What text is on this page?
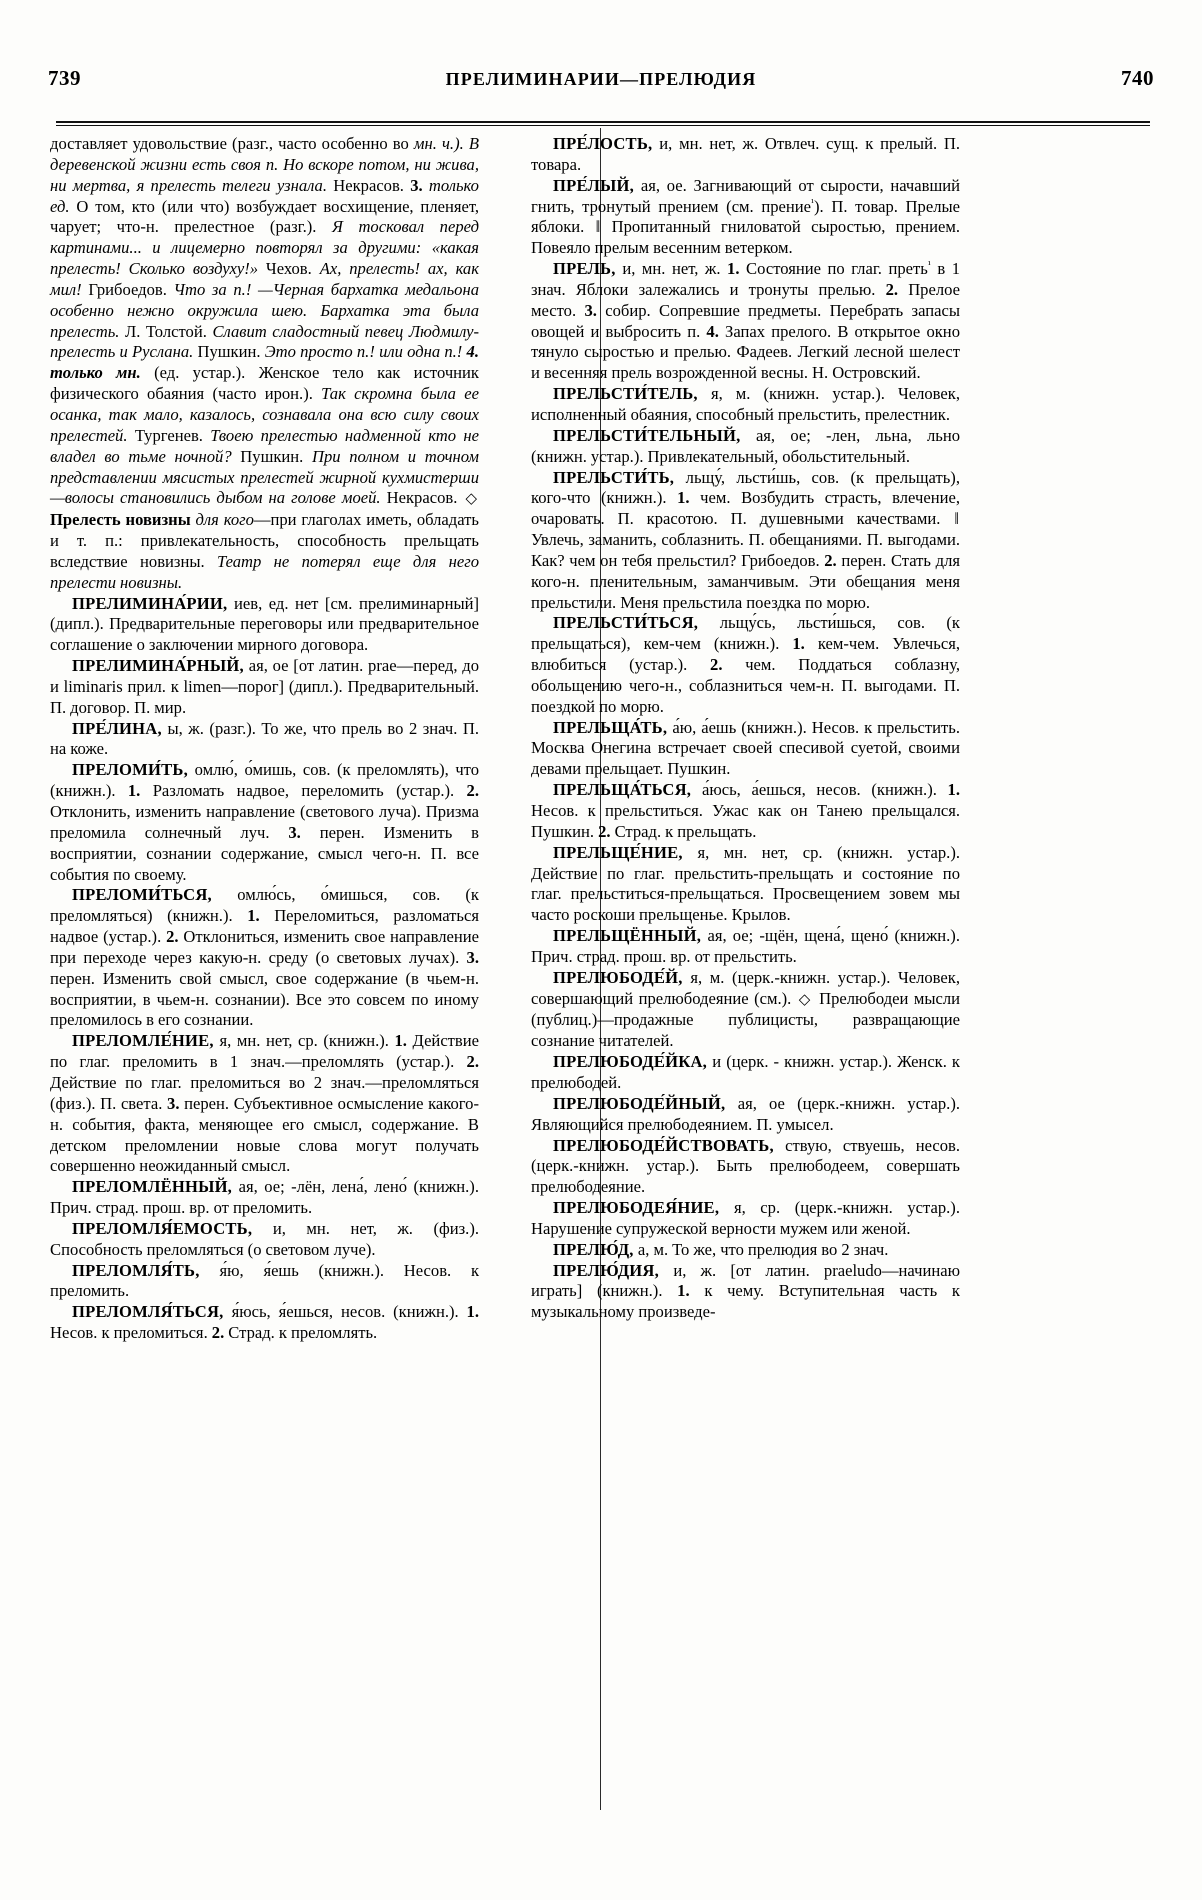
739	ПРЕЛИМИНАРИИ—ПРЕЛЮДИЯ	740

доставляет удовольствие (разг., часто особенно во мн. ч.). В деревенской жизни есть своя п. Но вскоре потом, ни жива, ни мертва, я прелесть телеги узнала. Некрасов. 3. только ед. О том, кто (или что) возбуждает восхищение, пленяет, чарует; что-н. прелестное (разг.). Я тосковал перед картинами... и лицемерно повторял за другими: «какая прелесть! Сколько воздуху!» Чехов. Ах, прелесть! ах, как мил! Грибоедов. Что за п.! —Черная бархатка медальона особенно нежно окружила шею. Бархатка эта была прелесть. Л. Толстой. Славит сладостный певец Людмилу-прелесть и Руслана. Пушкин. Это просто п.! или одна п.! 4. только мн. (ед. устар.). Женское тело как источник физического обаяния (часто ирон.). Так скромна была ее осанка, так мало, казалось, сознавала она всю силу своих прелестей. Тургенев. Твоею прелестью надменной кто не владел во тьме ночной? Пушкин. При полном и точном представлении мясистых прелестей жирной кухмистерши—волосы становились дыбом на голове моей. Некрасов. ◇ Прелесть новизны для кого—при глаголах иметь, обладать и т. п.: привлекательность, способность прельщать вследствие новизны. Театр не потерял еще для него прелести новизны.

ПРЕЛИМИНА́РИИ, иев, ед. нет [см. прелиминарный] (дипл.). Предварительные переговоры или предварительное соглашение о заключении мирного договора.

ПРЕЛИМИНА́РНЫЙ, ая, ое [от латин. prae—перед, до и liminaris прил. к limen—порог] (дипл.). Предварительный. П. договор. П. мир.

ПРЕ́ЛИНА, ы, ж. (разг.). То же, что прель во 2 знач. П. на коже.

ПРЕЛОМИ́ТЬ, омлю́, о́мишь, сов. (к преломлять), что (книжн.). 1. Разломать надвое, переломить (устар.). 2. Отклонить, изменить направление (светового луча). Призма преломила солнечный луч. 3. перен. Изменить в восприятии, сознании содержание, смысл чего-н. П. все события по своему.

ПРЕЛОМИ́ТЬСЯ, омлю́сь, о́мишься, сов. (к преломляться) (книжн.). 1. Переломиться, разломаться надвое (устар.). 2. Отклониться, изменить свое направление при переходе через какую-н. среду (о световых лучах). 3. перен. Изменить свой смысл, свое содержание (в чьем-н. восприятии, в чьем-н. сознании). Все это совсем по иному преломилось в его сознании.

ПРЕЛОМЛЕ́НИЕ, я, мн. нет, ср. (книжн.). 1. Действие по глаг. преломить в 1 знач.—преломлять (устар.). 2. Действие по глаг. преломиться во 2 знач.—преломляться (физ.). П. света. 3. перен. Субъективное осмысление какого-н. события, факта, меняющее его смысл, содержание. В детском преломлении новые слова могут получать совершенно неожиданный смысл.

ПРЕЛОМЛЁННЫЙ, ая, ое; -лён, лена́, лено́ (книжн.). Прич. страд. прош. вр. от преломить.

ПРЕЛОМЛЯ́ЕМОСТЬ, и, мн. нет, ж. (физ.). Способность преломляться (о световом луче).

ПРЕЛОМЛЯ́ТЬ, я́ю, я́ешь (книжн.). Несов. к преломить.

ПРЕЛОМЛЯ́ТЬСЯ, я́юсь, я́ешься, несов. (книжн.). 1. Несов. к преломиться. 2. Страд. к преломлять.

ПРЕ́ЛОСТЬ, и, мн. нет, ж. Отвлеч. сущ. к прелый. П. товара.

ПРЕ́ЛЫЙ, ая, ое. Загнивающий от сырости, начавший гнить, тронутый прением (см. прение$^{^1}$). П. товар. Прелые яблоки. ‖ Пропитанный гниловатой сыростью, прением. Повеяло прелым весенним ветерком.

ПРЕЛЬ, и, мн. нет, ж. 1. Состояние по глаг. преть$^{^1}$ в 1 знач. Яблоки залежались и тронуты прелью. 2. Прелое место. 3. собир. Сопревшие предметы. Перебрать запасы овощей и выбросить п. 4. Запах прелого. В открытое окно тянуло сыростью и прелью. Фадеев. Легкий лесной шелест и весенняя прель возрожденной весны. Н. Островский.

ПРЕЛЬСТИ́ТЕЛЬ, я, м. (книжн. устар.). Человек, исполненный обаяния, способный прельстить, прелестник.

ПРЕЛЬСТИ́ТЕЛЬНЫЙ, ая, ое; -лен, льна, льно (книжн. устар.). Привлекательный, обольстительный.

ПРЕЛЬСТИ́ТЬ, льщу́, льсти́шь, сов. (к прельщать), кого-что (книжн.). 1. чем. Возбудить страсть, влечение, очаровать. П. красотою. П. душевными качествами. ‖ Увлечь, заманить, соблазнить. П. обещаниями. П. выгодами. Как? чем он тебя прельстил? Грибоедов. 2. перен. Стать для кого-н. пленительным, заманчивым. Эти обещания меня прельстили. Меня прельстила поездка по морю.

ПРЕЛЬСТИ́ТЬСЯ, льщу́сь, льсти́шься, сов. (к прельщаться), кем-чем (книжн.). 1. кем-чем. Увлечься, влюбиться (устар.). 2. чем. Поддаться соблазну, обольщению чего-н., соблазниться чем-н. П. выгодами. П. поездкой по морю.

ПРЕЛЬЩА́ТЬ, а́ю, а́ешь (книжн.). Несов. к прельстить. Москва Онегина встречает своей спесивой суетой, своими девами прельщает. Пушкин.

ПРЕЛЬЩА́ТЬСЯ, а́юсь, а́ешься, несов. (книжн.). 1. Несов. к прельститься. Ужас как он Танею прельщался. Пушкин. 2. Страд. к прельщать.

ПРЕЛЬЩЕ́НИЕ, я, мн. нет, ср. (книжн. устар.). Действие по глаг. прельстить-прельщать и состояние по глаг. прельститься-прельщаться. Просвещением зовем мы часто роскоши прельщенье. Крылов.

ПРЕЛЬЩЁННЫЙ, ая, ое; -щён, щена́, щено́ (книжн.). Прич. страд. прош. вр. от прельстить.

ПРЕЛЮБОДЕ́Й, я, м. (церк.-книжн. устар.). Человек, совершающий прелюбодеяние (см.). ◇ Прелюбодеи мысли (публиц.)—продажные публицисты, развращающие сознание читателей.

ПРЕЛЮБОДЕ́ЙКА, и (церк. - книжн. устар.). Женск. к прелюбодей.

ПРЕЛЮБОДЕ́ЙНЫЙ, ая, ое (церк.-книжн. устар.). Являющийся прелюбодеянием. П. умысел.

ПРЕЛЮБОДЕ́ЙСТВОВАТЬ, ствую, ствуешь, несов. (церк.-книжн. устар.). Быть прелюбодеем, совершать прелюбодеяние.

ПРЕЛЮБОДЕЯ́НИЕ, я, ср. (церк.-книжн. устар.). Нарушение супружеской верности мужем или женой.

ПРЕЛЮ́Д, а, м. То же, что прелюдия во 2 знач.

ПРЕЛЮ́ДИЯ, и, ж. [от латин. praeludo—начинаю играть] (книжн.). 1. к чему. Вступительная часть к музыкальному произведе-
